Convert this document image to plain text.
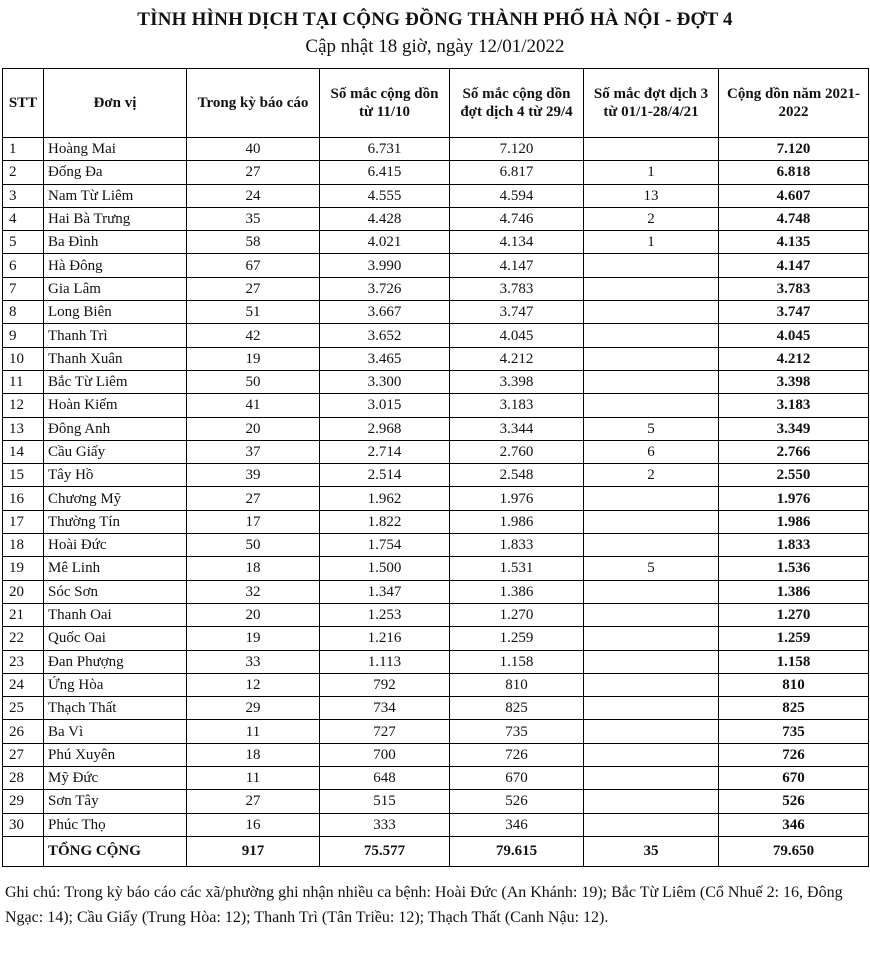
TÌNH HÌNH DỊCH TẠI CỘNG ĐỒNG THÀNH PHỐ HÀ NỘI - ĐỢT 4
Cập nhật 18 giờ, ngày 12/01/2022
STT	Đơn vị	Trong kỳ báo cáo	Số mắc cộng dồn từ 11/10	Số mắc cộng dồn đợt dịch 4 từ 29/4	Số mắc đợt dịch 3 từ 01/1-28/4/21	Cộng dồn năm 2021-2022
1	Hoàng Mai	40	6.731	7.120		7.120
2	Đống Đa	27	6.415	6.817	1	6.818
3	Nam Từ Liêm	24	4.555	4.594	13	4.607
4	Hai Bà Trưng	35	4.428	4.746	2	4.748
5	Ba Đình	58	4.021	4.134	1	4.135
6	Hà Đông	67	3.990	4.147		4.147
7	Gia Lâm	27	3.726	3.783		3.783
8	Long Biên	51	3.667	3.747		3.747
9	Thanh Trì	42	3.652	4.045		4.045
10	Thanh Xuân	19	3.465	4.212		4.212
11	Bắc Từ Liêm	50	3.300	3.398		3.398
12	Hoàn Kiếm	41	3.015	3.183		3.183
13	Đông Anh	20	2.968	3.344	5	3.349
14	Cầu Giấy	37	2.714	2.760	6	2.766
15	Tây Hồ	39	2.514	2.548	2	2.550
16	Chương Mỹ	27	1.962	1.976		1.976
17	Thường Tín	17	1.822	1.986		1.986
18	Hoài Đức	50	1.754	1.833		1.833
19	Mê Linh	18	1.500	1.531	5	1.536
20	Sóc Sơn	32	1.347	1.386		1.386
21	Thanh Oai	20	1.253	1.270		1.270
22	Quốc Oai	19	1.216	1.259		1.259
23	Đan Phượng	33	1.113	1.158		1.158
24	Ứng Hòa	12	792	810		810
25	Thạch Thất	29	734	825		825
26	Ba Vì	11	727	735		735
27	Phú Xuyên	18	700	726		726
28	Mỹ Đức	11	648	670		670
29	Sơn Tây	27	515	526		526
30	Phúc Thọ	16	333	346		346
	TỔNG CỘNG	917	75.577	79.615	35	79.650
Ghi chú: Trong kỳ báo cáo các xã/phường ghi nhận nhiều ca bệnh: Hoài Đức (An Khánh: 19); Bắc Từ Liêm (Cổ Nhuế 2: 16, Đông Ngạc: 14); Cầu Giấy (Trung Hòa: 12); Thanh Trì (Tân Triều: 12); Thạch Thất (Canh Nậu: 12).
